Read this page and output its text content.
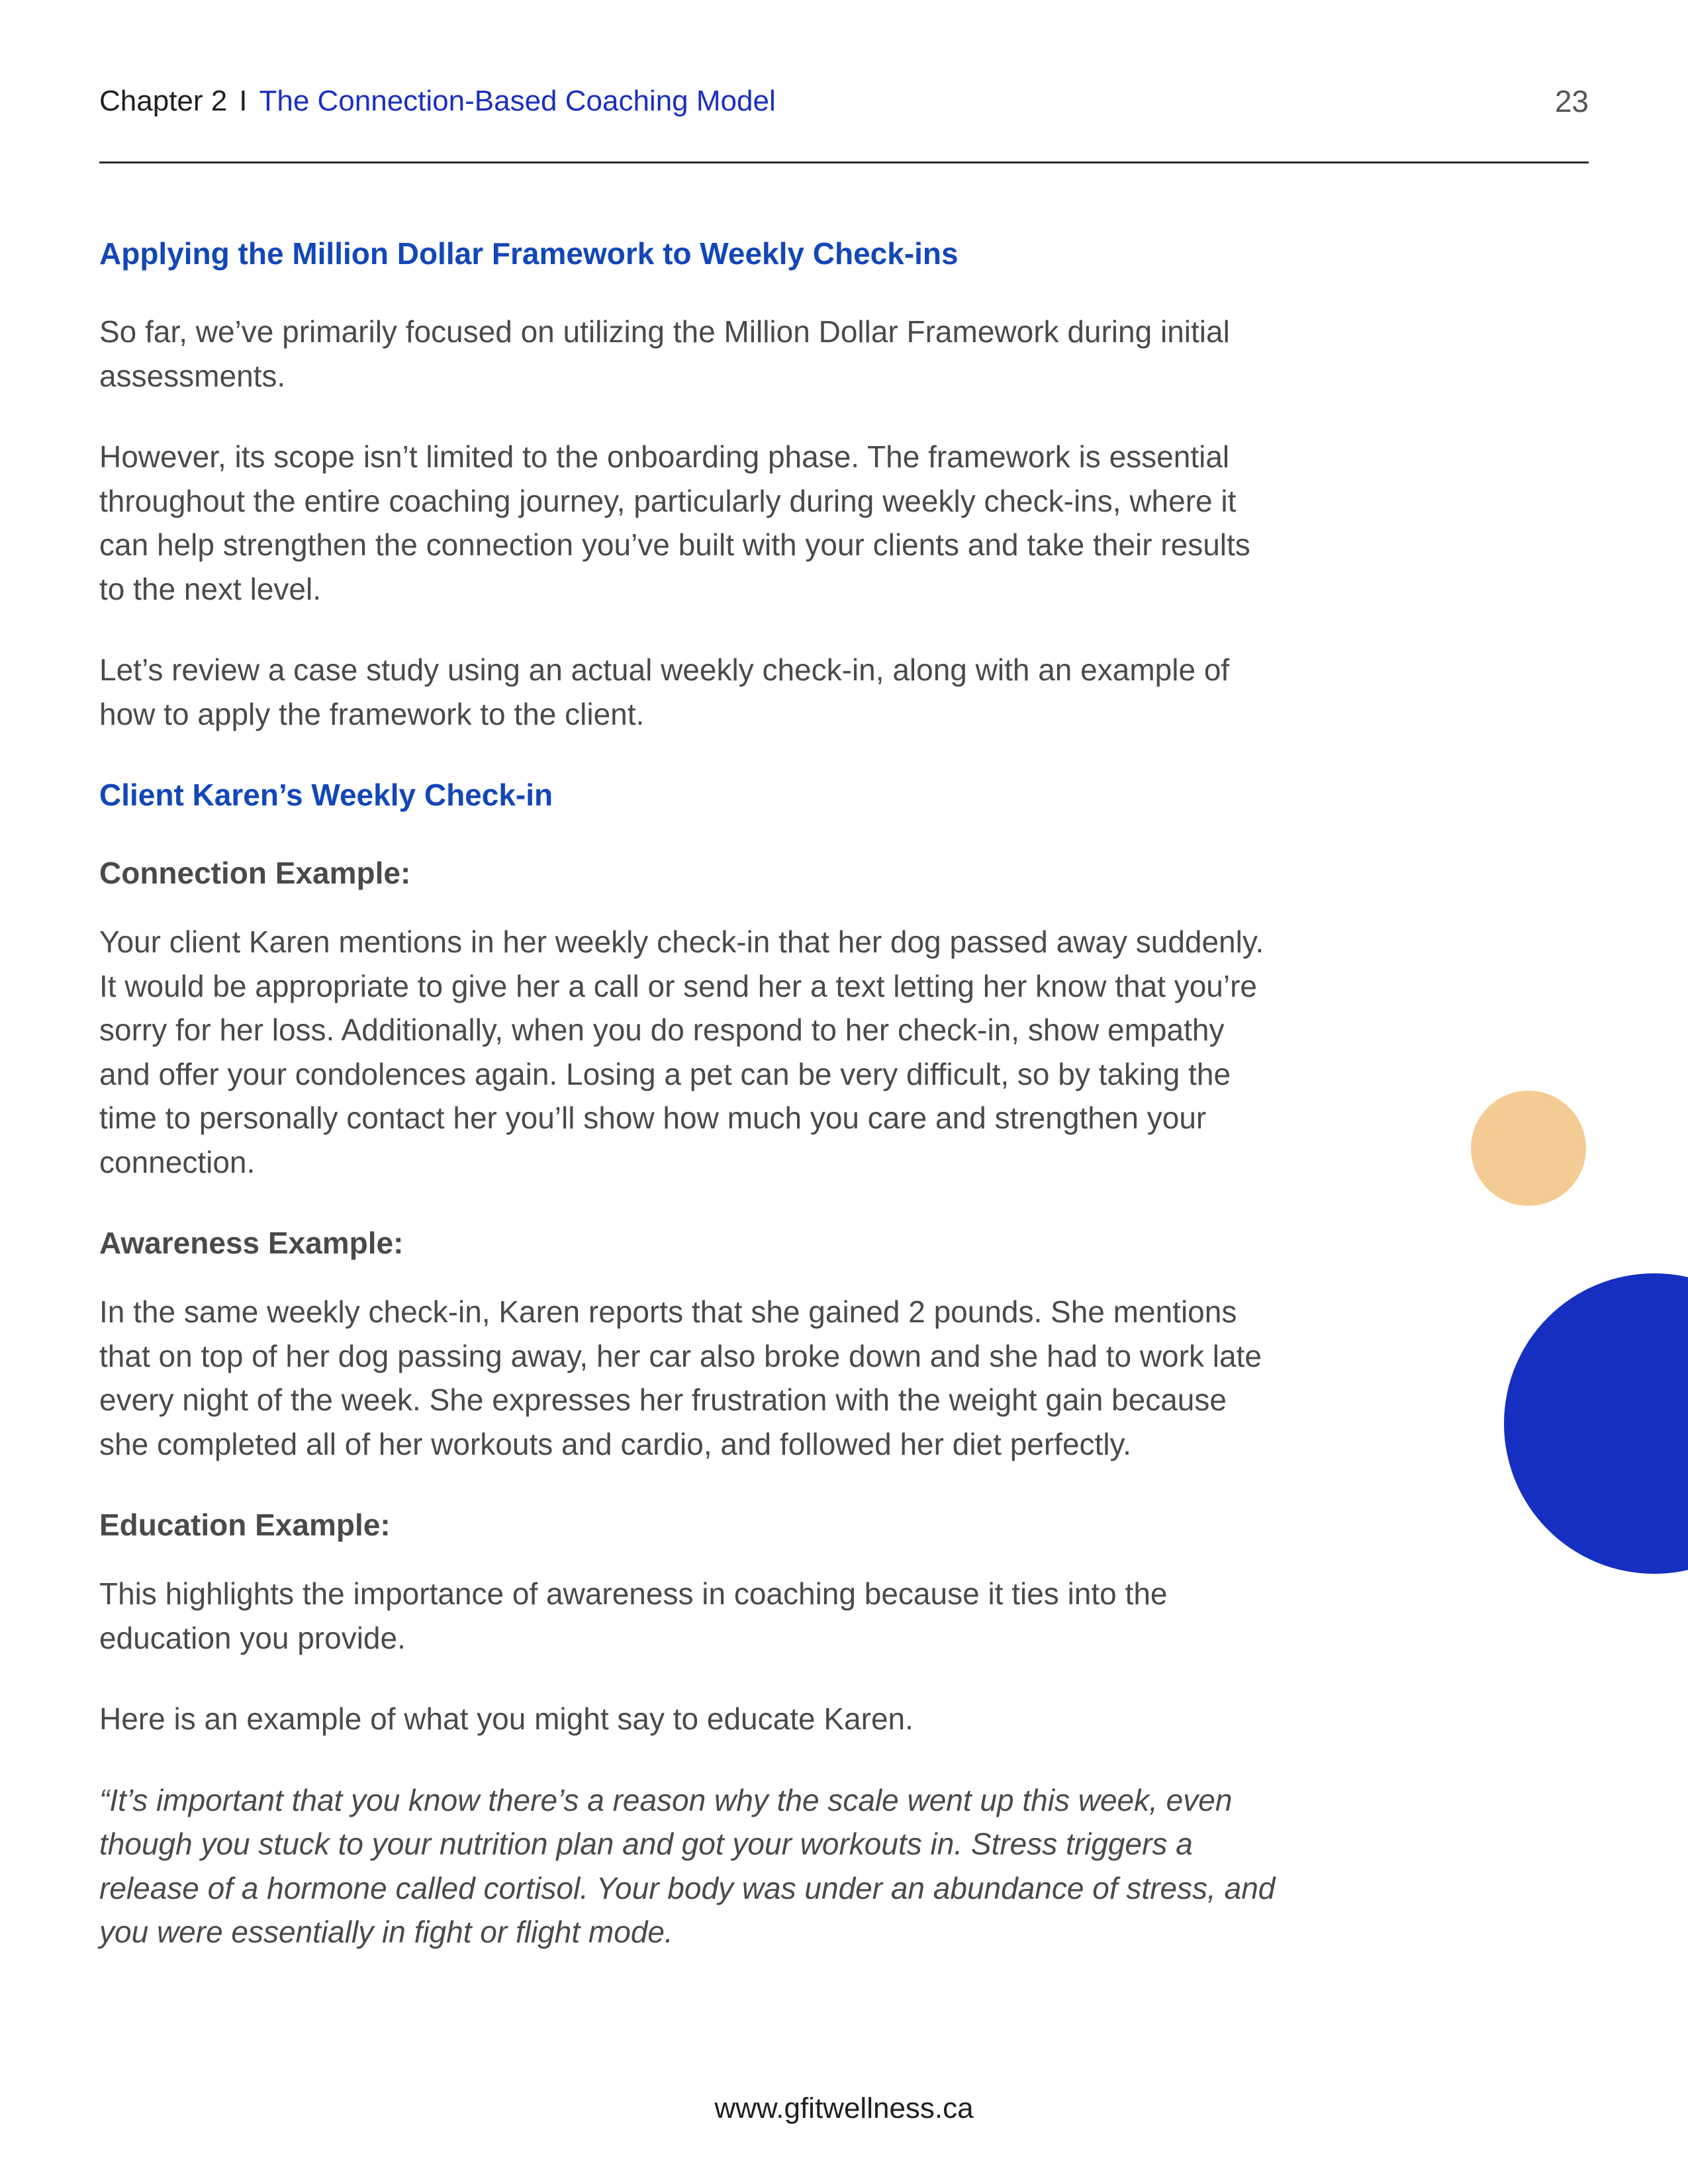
Chapter 2 I The Connection-Based Coaching Model	23
Applying the Million Dollar Framework to Weekly Check-ins

So far, we’ve primarily focused on utilizing the Million Dollar Framework during initial assessments.

However, its scope isn’t limited to the onboarding phase. The framework is essential throughout the entire coaching journey, particularly during weekly check-ins, where it can help strengthen the connection you’ve built with your clients and take their results to the next level.

Let’s review a case study using an actual weekly check-in, along with an example of how to apply the framework to the client.

Client Karen’s Weekly Check-in
Connection Example:

Your client Karen mentions in her weekly check-in that her dog passed away suddenly. It would be appropriate to give her a call or send her a text letting her know that you’re sorry for her loss. Additionally, when you do respond to her check-in, show empathy and offer your condolences again. Losing a pet can be very difficult, so by taking the time to personally contact her you’ll show how much you care and strengthen your connection.

Awareness Example:

In the same weekly check-in, Karen reports that she gained 2 pounds. She mentions that on top of her dog passing away, her car also broke down and she had to work late every night of the week. She expresses her frustration with the weight gain because she completed all of her workouts and cardio, and followed her diet perfectly.

Education Example:

This highlights the importance of awareness in coaching because it ties into the education you provide.

Here is an example of what you might say to educate Karen.

“It’s important that you know there’s a reason why the scale went up this week, even though you stuck to your nutrition plan and got your workouts in. Stress triggers a release of a hormone called cortisol. Your body was under an abundance of stress, and you were essentially in fight or flight mode.

www.gfitwellness.ca
